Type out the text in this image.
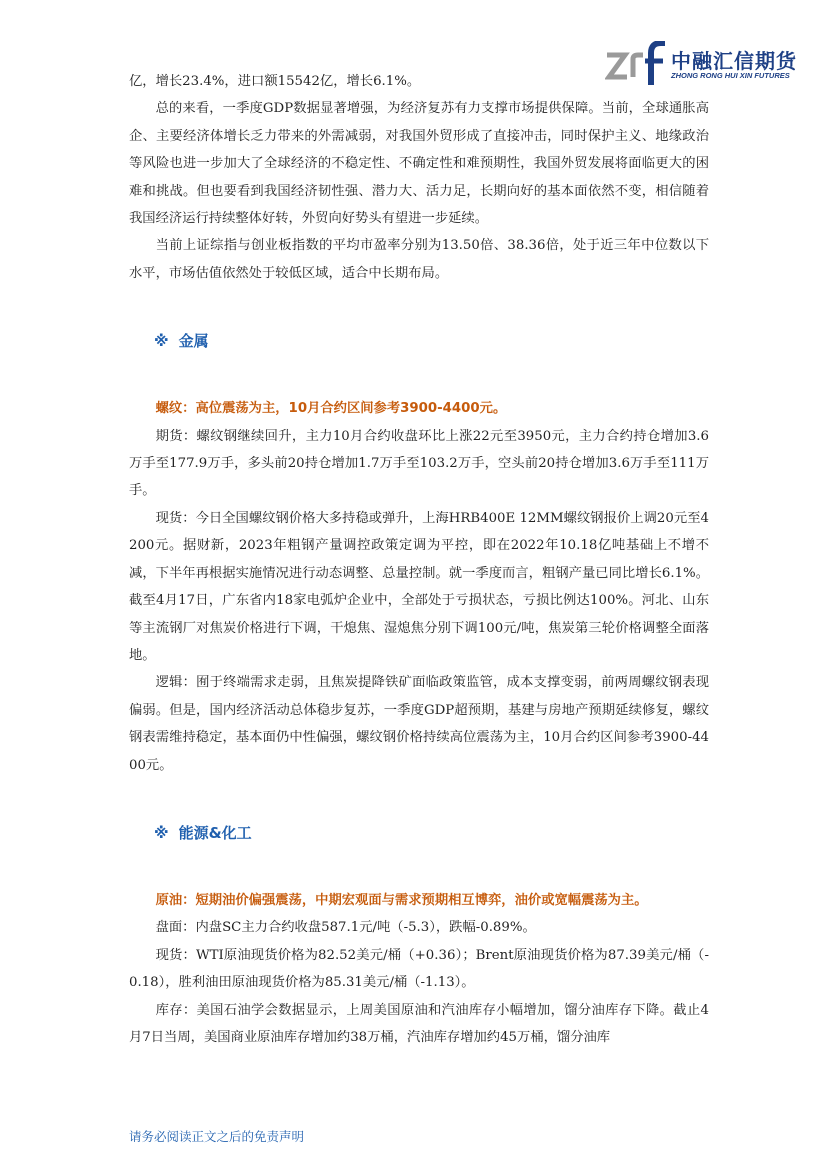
中融汇信期货
ZHONG RONG HUI XIN FUTURES

亿，增长23.4%，进口额15542亿，增长6.1%。

总的来看，一季度GDP数据显著增强，为经济复苏有力支撑市场提供保障。当前，全球通胀高企、主要经济体增长乏力带来的外需减弱，对我国外贸形成了直接冲击，同时保护主义、地缘政治等风险也进一步加大了全球经济的不稳定性、不确定性和难预期性，我国外贸发展将面临更大的困难和挑战。但也要看到我国经济韧性强、潜力大、活力足，长期向好的基本面依然不变，相信随着我国经济运行持续整体好转，外贸向好势头有望进一步延续。

当前上证综指与创业板指数的平均市盈率分别为13.50倍、38.36倍，处于近三年中位数以下水平，市场估值依然处于较低区域，适合中长期布局。

※ 金属

螺纹：高位震荡为主，10月合约区间参考3900-4400元。

期货：螺纹钢继续回升，主力10月合约收盘环比上涨22元至3950元，主力合约持仓增加3.6万手至177.9万手，多头前20持仓增加1.7万手至103.2万手，空头前20持仓增加3.6万手至111万手。

现货：今日全国螺纹钢价格大多持稳或弹升，上海HRB400E 12MM螺纹钢报价上调20元至4200元。据财新，2023年粗钢产量调控政策定调为平控，即在2022年10.18亿吨基础上不增不减，下半年再根据实施情况进行动态调整、总量控制。就一季度而言，粗钢产量已同比增长6.1%。截至4月17日，广东省内18家电弧炉企业中，全部处于亏损状态，亏损比例达100%。河北、山东等主流钢厂对焦炭价格进行下调，干熄焦、湿熄焦分别下调100元/吨，焦炭第三轮价格调整全面落地。

逻辑：囿于终端需求走弱，且焦炭提降铁矿面临政策监管，成本支撑变弱，前两周螺纹钢表现偏弱。但是，国内经济活动总体稳步复苏，一季度GDP超预期，基建与房地产预期延续修复，螺纹钢表需维持稳定，基本面仍中性偏强，螺纹钢价格持续高位震荡为主，10月合约区间参考3900-4400元。

※ 能源&化工

原油：短期油价偏强震荡，中期宏观面与需求预期相互博弈，油价或宽幅震荡为主。

盘面：内盘SC主力合约收盘587.1元/吨（-5.3），跌幅-0.89%。

现货：WTI原油现货价格为82.52美元/桶（+0.36）；Brent原油现货价格为87.39美元/桶（-0.18），胜利油田原油现货价格为85.31美元/桶（-1.13）。

库存：美国石油学会数据显示，上周美国原油和汽油库存小幅增加，馏分油库存下降。截止4月7日当周，美国商业原油库存增加约38万桶，汽油库存增加约45万桶，馏分油库

请务必阅读正文之后的免责声明
